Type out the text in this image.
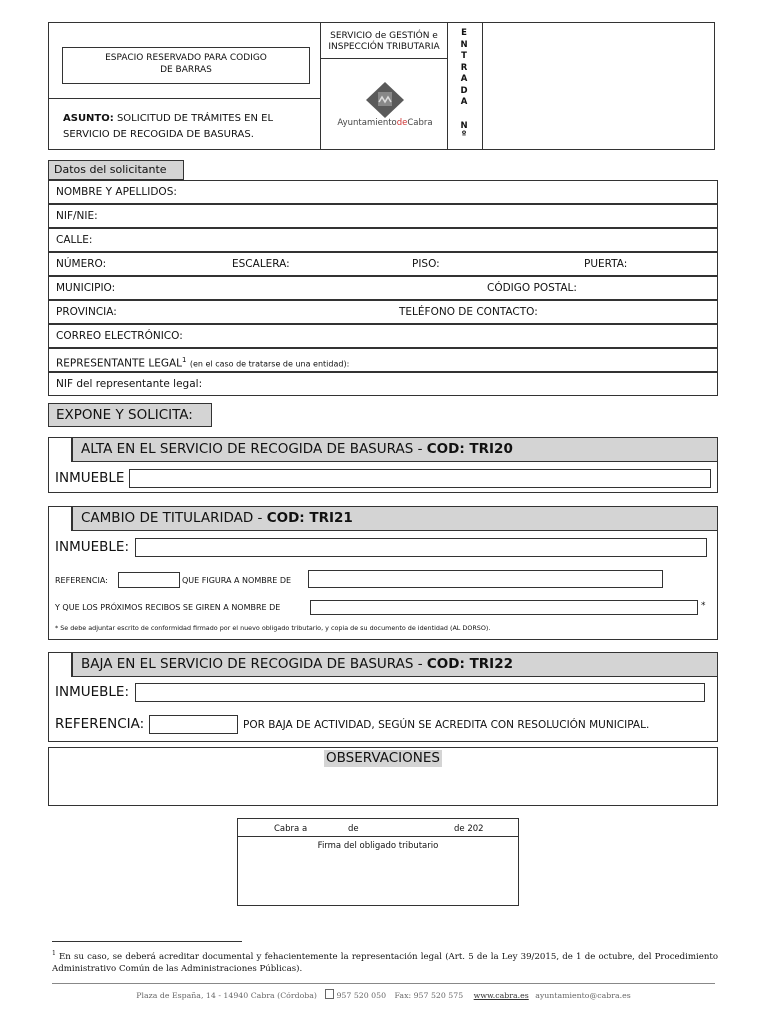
ESPACIO RESERVADO PARA CODIGO DE BARRAS
SERVICIO de GESTIÓN e
INSPECCIÓN TRIBUTARIA
AyuntamientodeCabra
E
N
T
R
A
D
A
N
º
ASUNTO: SOLICITUD DE TRÁMITES EN EL
SERVICIO DE RECOGIDA DE BASURAS.
Datos del solicitante
NOMBRE Y APELLIDOS:
NIF/NIE:
CALLE:
NÚMERO:	ESCALERA:	PISO:	PUERTA:
MUNICIPIO:	CÓDIGO POSTAL:
PROVINCIA:	TELÉFONO DE CONTACTO:
CORREO ELECTRÓNICO:
REPRESENTANTE LEGAL$^1$ (en el caso de tratarse de una entidad):
NIF del representante legal:
EXPONE Y SOLICITA:
ALTA EN EL SERVICIO DE RECOGIDA DE BASURAS - COD: TRI20
INMUEBLE
CAMBIO DE TITULARIDAD - COD: TRI21
INMUEBLE:
REFERENCIA:	QUE FIGURA A NOMBRE DE
Y QUE LOS PRÓXIMOS RECIBOS SE GIREN A NOMBRE DE	*
* Se debe adjuntar escrito de conformidad firmado por el nuevo obligado tributario, y copia de su documento de identidad (AL DORSO).
BAJA EN EL SERVICIO DE RECOGIDA DE BASURAS - COD: TRI22
INMUEBLE:
REFERENCIA:	POR BAJA DE ACTIVIDAD, SEGÚN SE ACREDITA CON RESOLUCIÓN MUNICIPAL.
OBSERVACIONES
Cabra a	de	de 202
Firma del obligado tributario
$^1$ En su caso, se deberá acreditar documental y fehacientemente la representación legal (Art. 5 de la Ley 39/2015, de 1 de octubre, del Procedimiento Administrativo Común de las Administraciones Públicas).
Plaza de España, 14 - 14940 Cabra (Córdoba) 957 520 050 Fax: 957 520 575 www.cabra.es ayuntamiento@cabra.es
